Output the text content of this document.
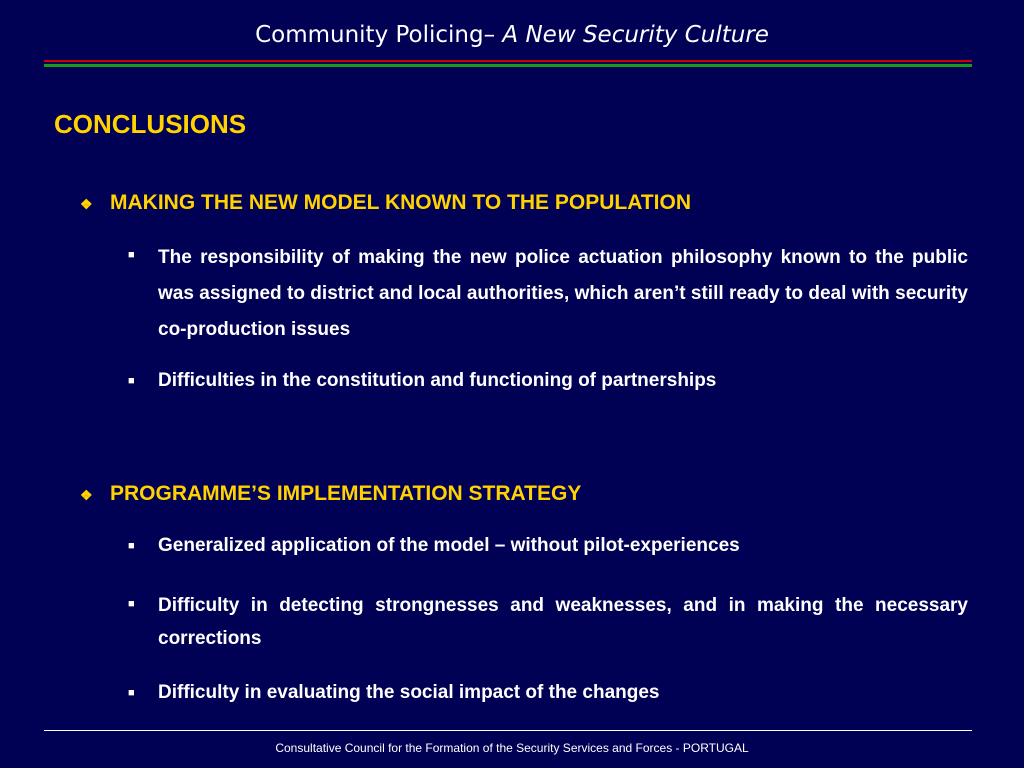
Community Policing– A New Security Culture
CONCLUSIONS
❖ MAKING THE NEW MODEL KNOWN TO THE POPULATION
■	The responsibility of making the new police actuation philosophy known to the public was assigned to district and local authorities, which aren’t still ready to deal with security co-production issues
■	Difficulties in the constitution and functioning of partnerships
❖ PROGRAMME’S IMPLEMENTATION STRATEGY
■	Generalized application of the model – without pilot-experiences
■	Difficulty in detecting strongnesses and weaknesses, and in making the necessary corrections
■	Difficulty in evaluating the social impact of the changes
Consultative Council for the Formation of the Security Services and Forces - PORTUGAL
